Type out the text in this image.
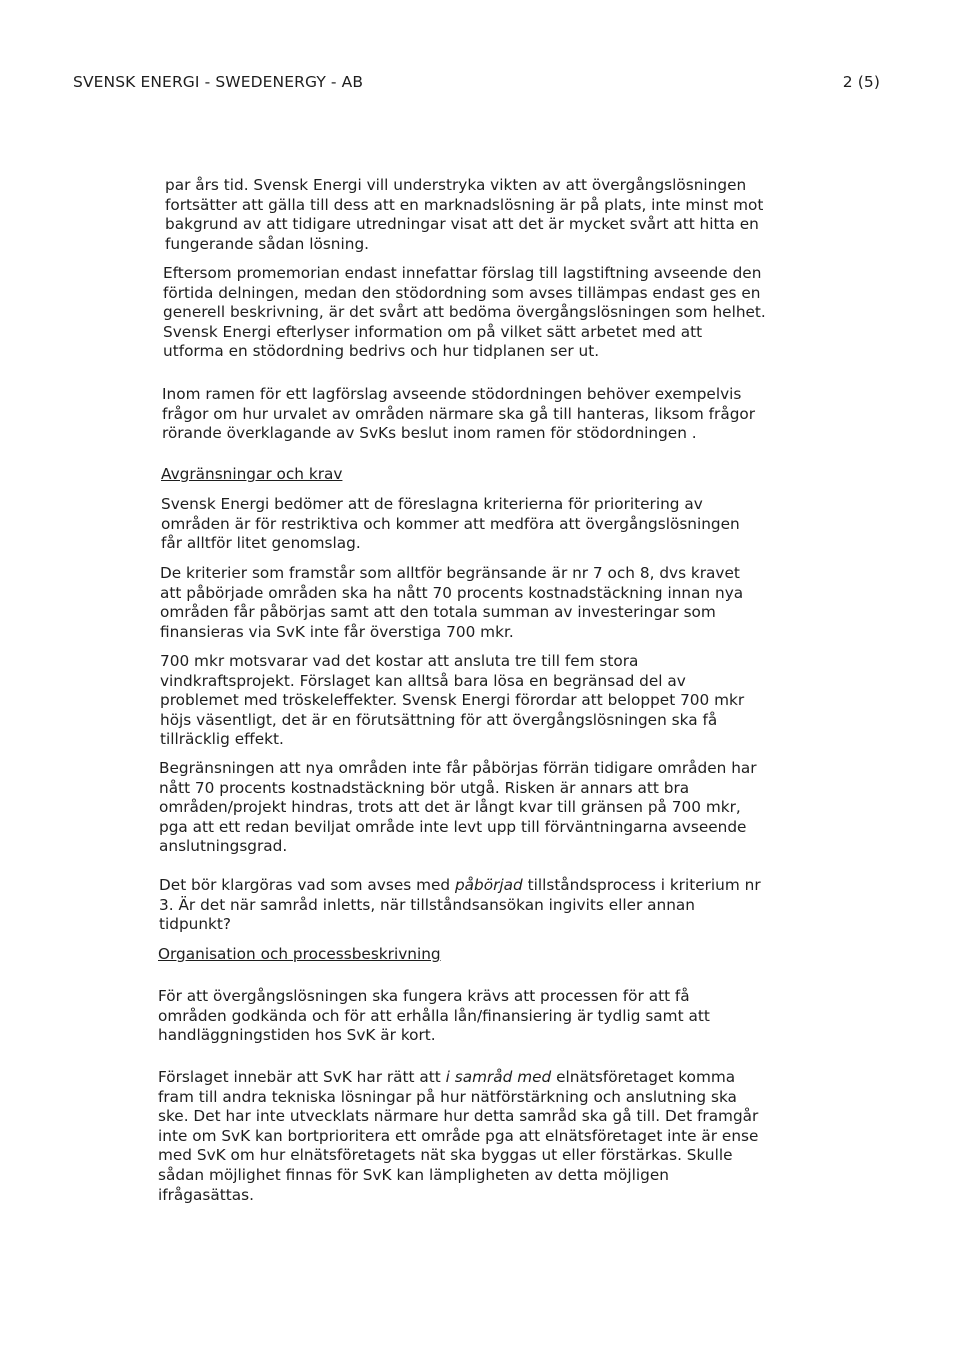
SVENSK ENERGI - SWEDENERGY - AB	2 (5)
par års tid. Svensk Energi vill understryka vikten av att övergångslösningen
fortsätter att gälla till dess att en marknadslösning är på plats, inte minst mot
bakgrund av att tidigare utredningar visat att det är mycket svårt att hitta en
fungerande sådan lösning.
Eftersom promemorian endast innefattar förslag till lagstiftning avseende den
förtida delningen, medan den stödordning som avses tillämpas endast ges en
generell beskrivning, är det svårt att bedöma övergångslösningen som helhet.
Svensk Energi efterlyser information om på vilket sätt arbetet med att
utforma en stödordning bedrivs och hur tidplanen ser ut.
Inom ramen för ett lagförslag avseende stödordningen behöver exempelvis
frågor om hur urvalet av områden närmare ska gå till hanteras, liksom frågor
rörande överklagande av SvKs beslut inom ramen för stödordningen .
Avgränsningar och krav
Svensk Energi bedömer att de föreslagna kriterierna för prioritering av
områden är för restriktiva och kommer att medföra att övergångslösningen
får alltför litet genomslag.
De kriterier som framstår som alltför begränsande är nr 7 och 8, dvs kravet
att påbörjade områden ska ha nått 70 procents kostnadstäckning innan nya
områden får påbörjas samt att den totala summan av investeringar som
finansieras via SvK inte får överstiga 700 mkr.
700 mkr motsvarar vad det kostar att ansluta tre till fem stora
vindkraftsprojekt. Förslaget kan alltså bara lösa en begränsad del av
problemet med tröskeleffekter. Svensk Energi förordar att beloppet 700 mkr
höjs väsentligt, det är en förutsättning för att övergångslösningen ska få
tillräcklig effekt.
Begränsningen att nya områden inte får påbörjas förrän tidigare områden har
nått 70 procents kostnadstäckning bör utgå. Risken är annars att bra
områden/projekt hindras, trots att det är långt kvar till gränsen på 700 mkr,
pga att ett redan beviljat område inte levt upp till förväntningarna avseende
anslutningsgrad.
Det bör klargöras vad som avses med påbörjad tillståndsprocess i kriterium nr
3. Är det när samråd inletts, när tillståndsansökan ingivits eller annan
tidpunkt?
Organisation och processbeskrivning
För att övergångslösningen ska fungera krävs att processen för att få
områden godkända och för att erhålla lån/finansiering är tydlig samt att
handläggningstiden hos SvK är kort.
Förslaget innebär att SvK har rätt att i samråd med elnätsföretaget komma
fram till andra tekniska lösningar på hur nätförstärkning och anslutning ska
ske. Det har inte utvecklats närmare hur detta samråd ska gå till. Det framgår
inte om SvK kan bortprioritera ett område pga att elnätsföretaget inte är ense
med SvK om hur elnätsföretagets nät ska byggas ut eller förstärkas. Skulle
sådan möjlighet finnas för SvK kan lämpligheten av detta möjligen
ifrågasättas.
